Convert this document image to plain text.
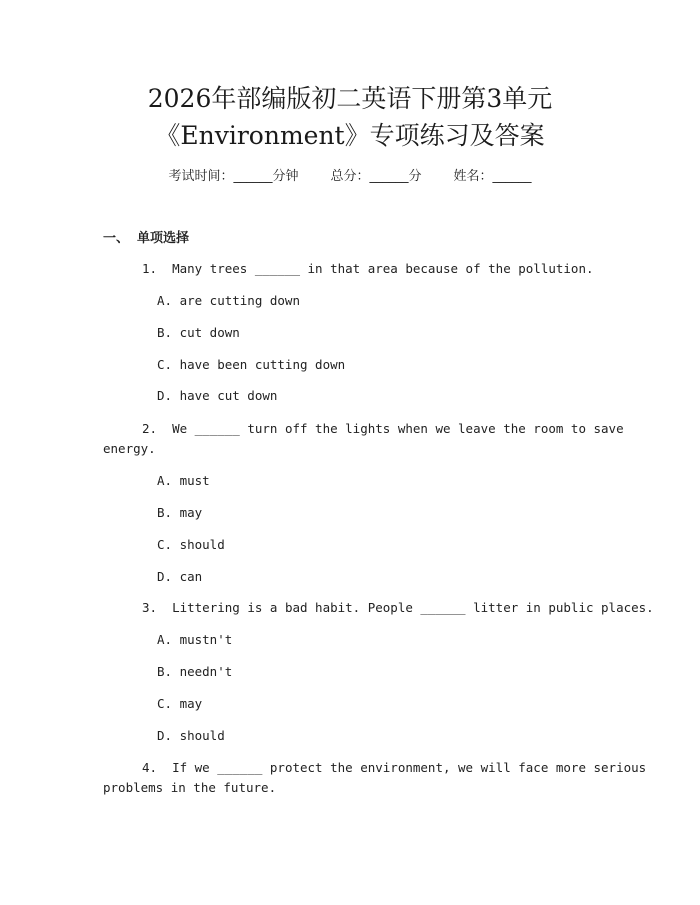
2026年部编版初二英语下册第3单元
《Environment》专项练习及答案
考试时间：______分钟 总分：______分 姓名：______
一、 单项选择
1. Many trees ______ in that area because of the pollution.
A. are cutting down
B. cut down
C. have been cutting down
D. have cut down
2. We ______ turn off the lights when we leave the room to save
energy.
A. must
B. may
C. should
D. can
3. Littering is a bad habit. People ______ litter in public places.
A. mustn't
B. needn't
C. may
D. should
4. If we ______ protect the environment, we will face more serious
problems in the future.
